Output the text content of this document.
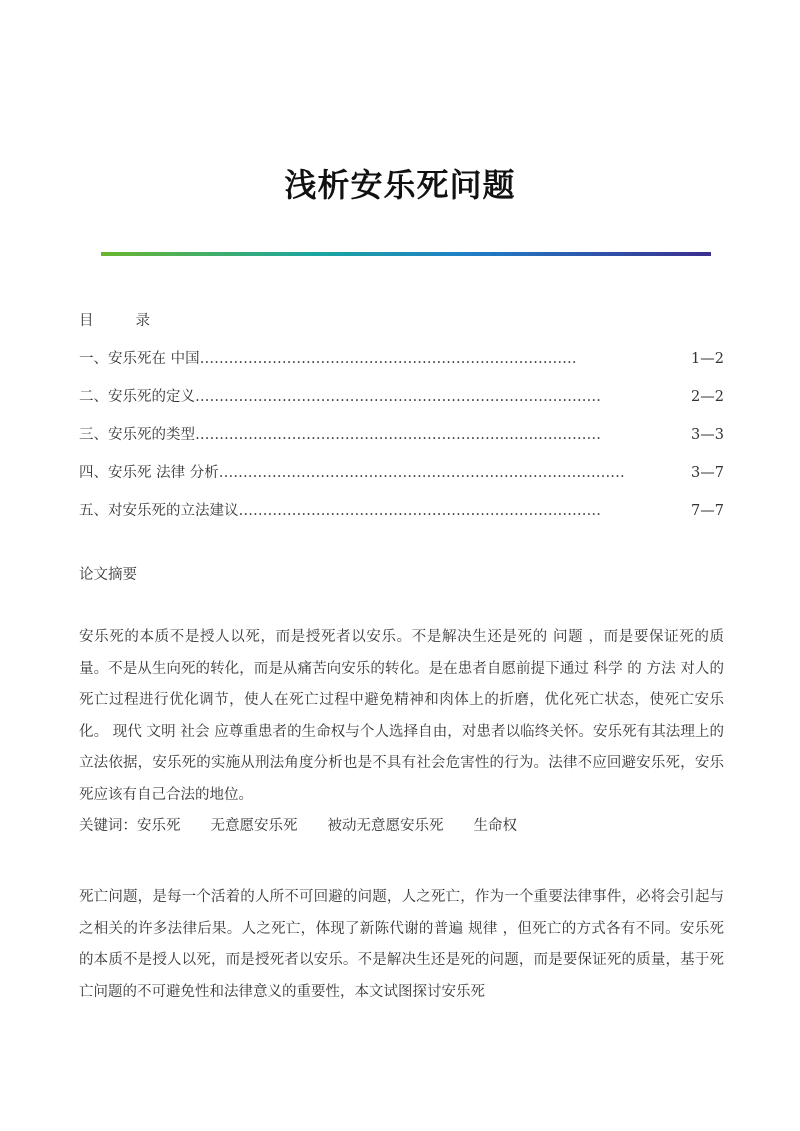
浅析安乐死问题
目	录
一、安乐死在 中国 ……………………………………………………………………	1—2
二、安乐死的定义 …………………………………………………………………………	2—2
三、安乐死的类型 …………………………………………………………………………	3—3
四、安乐死 法律 分析 …………………………………………………………………………	3—7
五、对安乐死的立法建议 …………………………………………………………………	7—7
论文摘要

安乐死的本质不是授人以死，而是授死者以安乐。不是解决生还是死的 问题 ，而是要保证死的质量。不是从生向死的转化，而是从痛苦向安乐的转化。是在患者自愿前提下通过 科学 的 方法 对人的死亡过程进行优化调节，使人在死亡过程中避免精神和肉体上的折磨，优化死亡状态，使死亡安乐化。 现代 文明 社会 应尊重患者的生命权与个人选择自由，对患者以临终关怀。安乐死有其法理上的立法依据，安乐死的实施从刑法角度分析也是不具有社会危害性的行为。法律不应回避安乐死，安乐死应该有自己合法的地位。

关键词：安乐死 无意愿安乐死 被动无意愿安乐死 生命权

死亡问题，是每一个活着的人所不可回避的问题，人之死亡，作为一个重要法律事件，必将会引起与之相关的许多法律后果。人之死亡，体现了新陈代谢的普遍 规律 ，但死亡的方式各有不同。安乐死的本质不是授人以死，而是授死者以安乐。不是解决生还是死的问题，而是要保证死的质量，基于死亡问题的不可避免性和法律意义的重要性，本文试图探讨安乐死
